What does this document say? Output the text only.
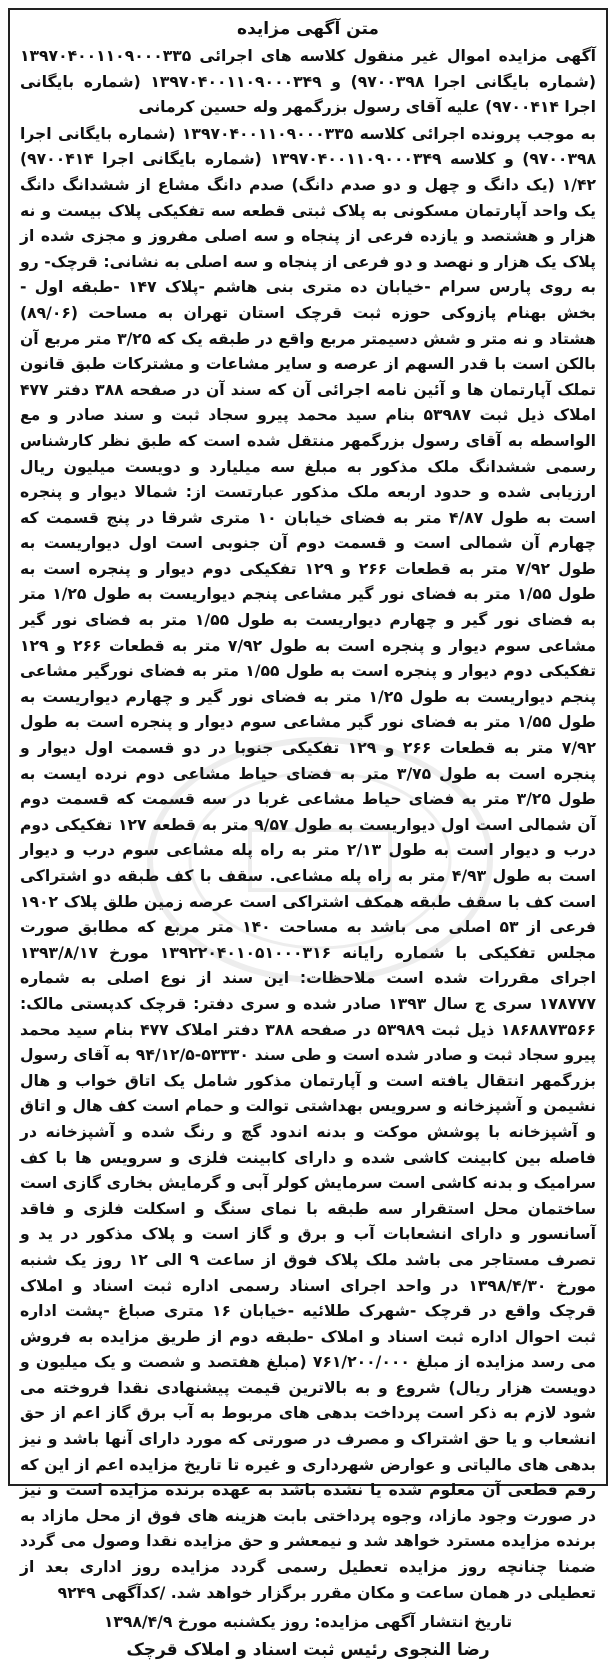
متن آگهی مزایده

آگهی مزایده اموال غیر منقول کلاسه های اجرائی ۱۳۹۷۰۴۰۰۱۱۰۹۰۰۰۳۳۵ (شماره بایگانی اجرا ۹۷۰۰۳۹۸) و ۱۳۹۷۰۴۰۰۱۱۰۹۰۰۰۳۴۹ (شماره بایگانی اجرا ۹۷۰۰۴۱۴) علیه آقای رسول بزرگمهر وله حسین کرمانی

به موجب پرونده اجرائی کلاسه ۱۳۹۷۰۴۰۰۱۱۰۹۰۰۰۳۳۵ (شماره بایگانی اجرا ۹۷۰۰۳۹۸) و کلاسه ۱۳۹۷۰۴۰۰۱۱۰۹۰۰۰۳۴۹ (شماره بایگانی اجرا ۹۷۰۰۴۱۴) ۱/۴۲ (یک دانگ و چهل و دو صدم دانگ) صدم دانگ مشاع از ششدانگ دانگ یک واحد آپارتمان مسکونی به پلاک ثبتی قطعه سه تفکیکی پلاک بیست و نه هزار و هشتصد و یازده فرعی از پنجاه و سه اصلی مفروز و مجزی شده از پلاک یک هزار و نهصد و دو فرعی از پنجاه و سه اصلی به نشانی: قرچک- رو به روی پارس سرام -خیابان ده متری بنی هاشم -پلاک ۱۴۷ -طبقه اول - بخش بهنام پازوکی حوزه ثبت قرچک استان تهران به مساحت (۸۹/۰۶) هشتاد و نه متر و شش دسیمتر مربع واقع در طبقه یک که ۳/۲۵ متر مربع آن بالکن است با قدر السهم از عرصه و سایر مشاعات و مشترکات طبق قانون تملک آپارتمان ها و آئین نامه اجرائی آن که سند آن در صفحه ۳۸۸ دفتر ۴۷۷ املاک ذیل ثبت ۵۳۹۸۷ بنام سید محمد پیرو سجاد ثبت و سند صادر و مع الواسطه به آقای رسول بزرگمهر منتقل شده است که طبق نظر کارشناس رسمی ششدانگ ملک مذکور به مبلغ سه میلیارد و دویست میلیون ریال ارزیابی شده و حدود اربعه ملک مذکور عبارتست از: شمالا دیوار و پنجره است به طول ۴/۸۷ متر به فضای خیابان ۱۰ متری شرقا در پنج قسمت که چهارم آن شمالی است و قسمت دوم آن جنوبی است اول دیواریست به طول ۷/۹۲ متر به قطعات ۲۶۶ و ۱۲۹ تفکیکی دوم دیوار و پنجره است به طول ۱/۵۵ متر به فضای نور گیر مشاعی پنجم دیواریست به طول ۱/۲۵ متر به فضای نور گیر و چهارم دیواریست به طول ۱/۵۵ متر به فضای نور گیر مشاعی سوم دیوار و پنجره است به طول ۷/۹۲ متر به قطعات ۲۶۶ و ۱۲۹ تفکیکی دوم دیوار و پنجره است به طول ۱/۵۵ متر به فضای نورگیر مشاعی پنجم دیواریست به طول ۱/۲۵ متر به فضای نور گیر و چهارم دیواریست به طول ۱/۵۵ متر به فضای نور گیر مشاعی سوم دیوار و پنجره است به طول ۷/۹۲ متر به قطعات ۲۶۶ و ۱۲۹ تفکیکی جنوبا در دو قسمت اول دیوار و پنجره است به طول ۳/۷۵ متر به فضای حیاط مشاعی دوم نرده ایست به طول ۳/۲۵ متر به فضای حیاط مشاعی غربا در سه قسمت که قسمت دوم آن شمالی است اول دیواریست به طول ۹/۵۷ متر به قطعه ۱۲۷ تفکیکی دوم درب و دیوار است به طول ۲/۱۳ متر به راه پله مشاعی سوم درب و دیوار است به طول ۴/۹۳ متر به راه پله مشاعی. سقف با کف طبقه دو اشتراکی است کف با سقف طبقه همکف اشتراکی است عرصه زمین طلق پلاک ۱۹۰۲ فرعی از ۵۳ اصلی می باشد به مساحت ۱۴۰ متر مربع که مطابق صورت مجلس تفکیکی با شماره رایانه ۱۳۹۲۲۰۴۰۱۰۵۱۰۰۰۳۱۶ مورخ ۱۳۹۳/۸/۱۷ اجرای مقررات شده است ملاحظات: این سند از نوع اصلی به شماره ۱۷۸۷۷۷ سری ج سال ۱۳۹۳ صادر شده و سری دفتر: قرچک کدپستی مالک: ۱۸۶۸۸۷۳۵۶۶ ذیل ثبت ۵۳۹۸۹ در صفحه ۳۸۸ دفتر املاک ۴۷۷ بنام سید محمد پیرو سجاد ثبت و صادر شده است و طی سند ۵۳۳۳۰-۹۴/۱۲/۵ به آقای رسول بزرگمهر انتقال یافته است و آپارتمان مذکور شامل یک اتاق خواب و هال نشیمن و آشپزخانه و سرویس بهداشتی توالت و حمام است کف هال و اتاق و آشپزخانه با پوشش موکت و بدنه اندود گچ و رنگ شده و آشپزخانه در فاصله بین کابینت کاشی شده و دارای کابینت فلزی و سرویس ها با کف سرامیک و بدنه کاشی است سرمایش کولر آبی و گرمایش بخاری گازی است ساختمان محل استقرار سه طبقه با نمای سنگ و اسکلت فلزی و فاقد آسانسور و دارای انشعابات آب و برق و گاز است و پلاک مذکور در ید و تصرف مستاجر می باشد ملک پلاک فوق از ساعت ۹ الی ۱۲ روز یک شنبه مورخ ۱۳۹۸/۴/۳۰ در واحد اجرای اسناد رسمی اداره ثبت اسناد و املاک قرچک واقع در قرچک -شهرک طلائیه -خیابان ۱۶ متری صباغ -پشت اداره ثبت احوال اداره ثبت اسناد و املاک -طبقه دوم از طریق مزایده به فروش می رسد مزایده از مبلغ ۷۶۱/۲۰۰/۰۰۰ (مبلغ هفتصد و شصت و یک میلیون و دویست هزار ریال) شروع و به بالاترین قیمت پیشنهادی نقدا فروخته می شود لازم به ذکر است پرداخت بدهی های مربوط به آب برق گاز اعم از حق انشعاب و یا حق اشتراک و مصرف در صورتی که مورد دارای آنها باشد و نیز بدهی های مالیاتی و عوارض شهرداری و غیره تا تاریخ مزایده اعم از این که رقم قطعی آن معلوم شده یا نشده باشد به عهده برنده مزایده است و نیز در صورت وجود مازاد، وجوه پرداختی بابت هزینه های فوق از محل مازاد به برنده مزایده مسترد خواهد شد و نیمعشر و حق مزایده نقدا وصول می گردد ضمنا چنانچه روز مزایده تعطیل رسمی گردد مزایده روز اداری بعد از تعطیلی در همان ساعت و مکان مقرر برگزار خواهد شد. /کدآگهی ۹۲۴۹

تاریخ انتشار آگهی مزایده: روز یکشنبه مورخ ۱۳۹۸/۴/۹

رضا النجوی رئیس ثبت اسناد و املاک قرچک
